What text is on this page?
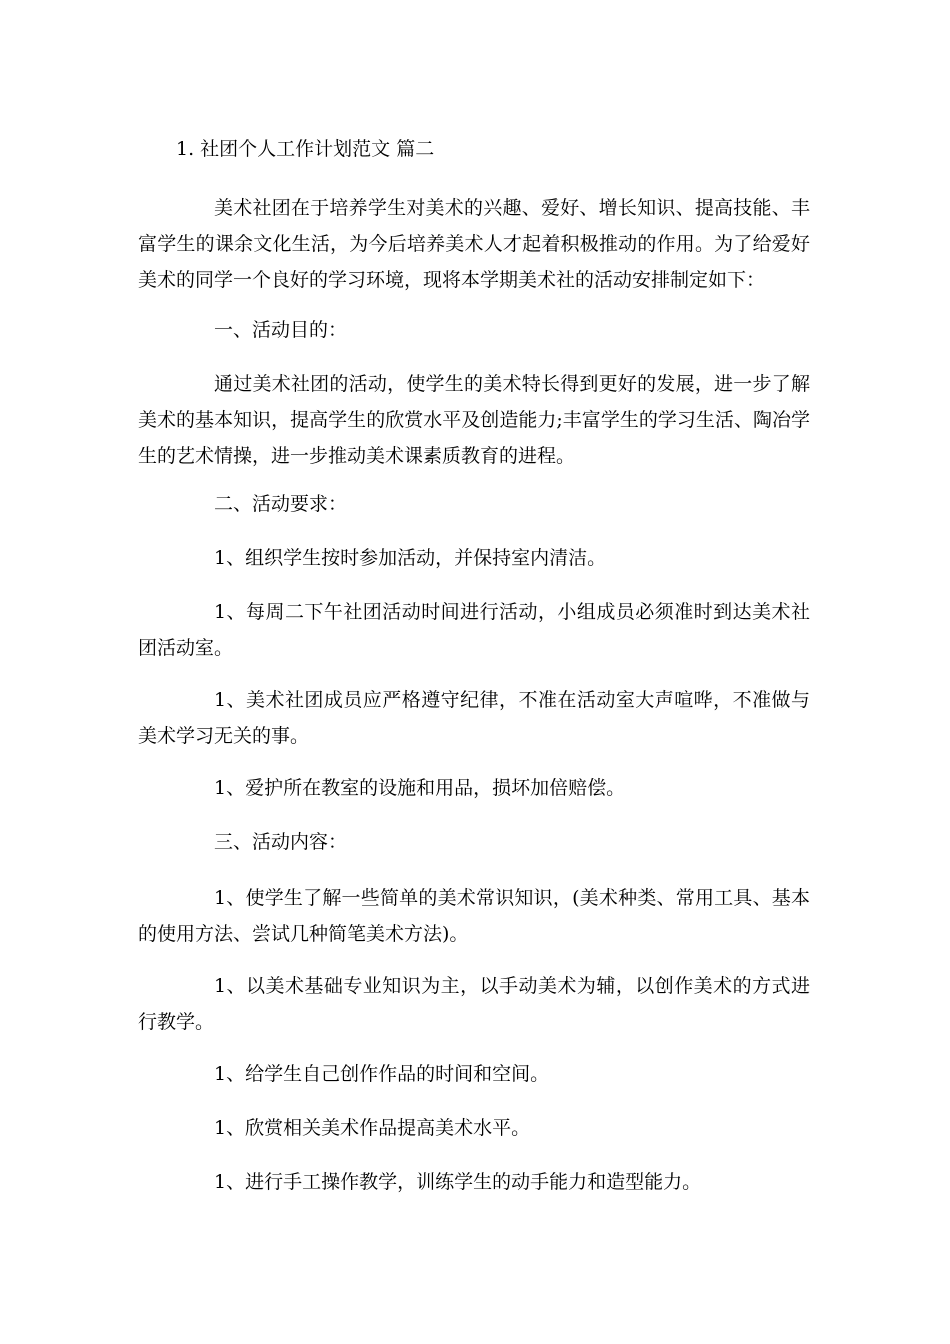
1. 社团个人工作计划范文 篇二

美术社团在于培养学生对美术的兴趣、爱好、增长知识、提高技能、丰富学生的课余文化生活，为今后培养美术人才起着积极推动的作用。为了给爱好美术的同学一个良好的学习环境，现将本学期美术社的活动安排制定如下：

一、活动目的：

通过美术社团的活动，使学生的美术特长得到更好的发展，进一步了解美术的基本知识，提高学生的欣赏水平及创造能力;丰富学生的学习生活、陶冶学生的艺术情操，进一步推动美术课素质教育的进程。

二、活动要求：

1、组织学生按时参加活动，并保持室内清洁。

1、每周二下午社团活动时间进行活动，小组成员必须准时到达美术社团活动室。

1、美术社团成员应严格遵守纪律，不准在活动室大声喧哗，不准做与美术学习无关的事。

1、爱护所在教室的设施和用品，损坏加倍赔偿。

三、活动内容：

1、使学生了解一些简单的美术常识知识，(美术种类、常用工具、基本的使用方法、尝试几种简笔美术方法)。

1、以美术基础专业知识为主，以手动美术为辅，以创作美术的方式进行教学。

1、给学生自己创作作品的时间和空间。

1、欣赏相关美术作品提高美术水平。

1、进行手工操作教学，训练学生的动手能力和造型能力。
